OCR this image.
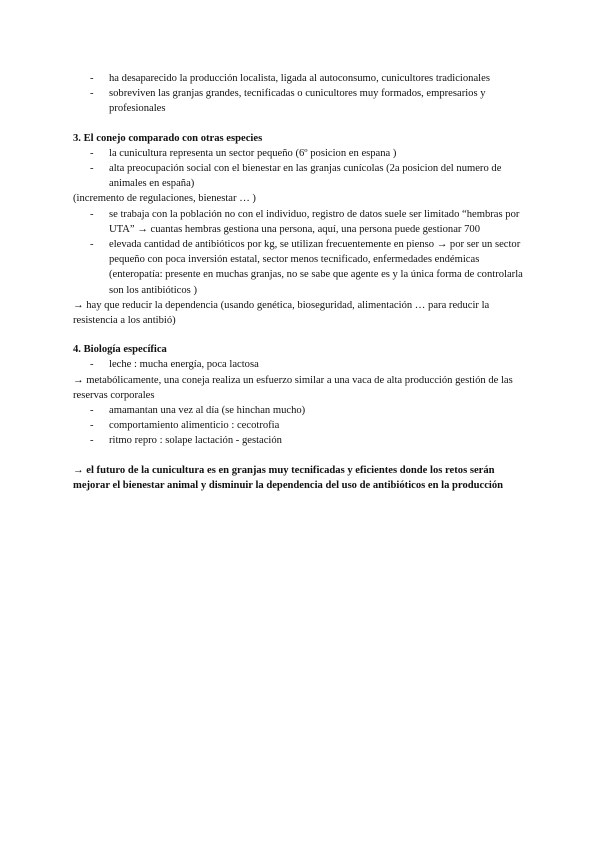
- ha desaparecido la producción localista, ligada al autoconsumo, cunicultores tradicionales
- sobreviven las granjas grandes, tecnificadas o cunicultores muy formados, empresarios y profesionales

3. El conejo comparado con otras especies

- la cunicultura representa un sector pequeño (6º posicion en espana )
- alta preocupación social con el bienestar en las granjas cunícolas (2a posicion del numero de animales en españa)

(incremento de regulaciones, bienestar … )

- se trabaja con la población no con el individuo, registro de datos suele ser limitado “hembras por UTA” → cuantas hembras gestiona una persona, aquí, una persona puede gestionar 700
- elevada cantidad de antibióticos por kg, se utilizan frecuentemente en pienso → por ser un sector pequeño con poca inversión estatal, sector menos tecnificado, enfermedades endémicas (enteropatía: presente en muchas granjas, no se sabe que agente es y la única forma de controlarla son los antibióticos )

→ hay que reducir la dependencia (usando genética, bioseguridad, alimentación … para reducir la resistencia a los antibió)

4. Biología específica

- leche : mucha energía, poca lactosa

→ metabólicamente, una coneja realiza un esfuerzo similar a una vaca de alta producción gestión de las reservas corporales

- amamantan una vez al día (se hinchan mucho)
- comportamiento alimenticio : cecotrofia
- ritmo repro : solape lactación - gestación

→ el futuro de la cunicultura es en granjas muy tecnificadas y eficientes donde los retos serán mejorar el bienestar animal y disminuir la dependencia del uso de antibióticos en la producción
